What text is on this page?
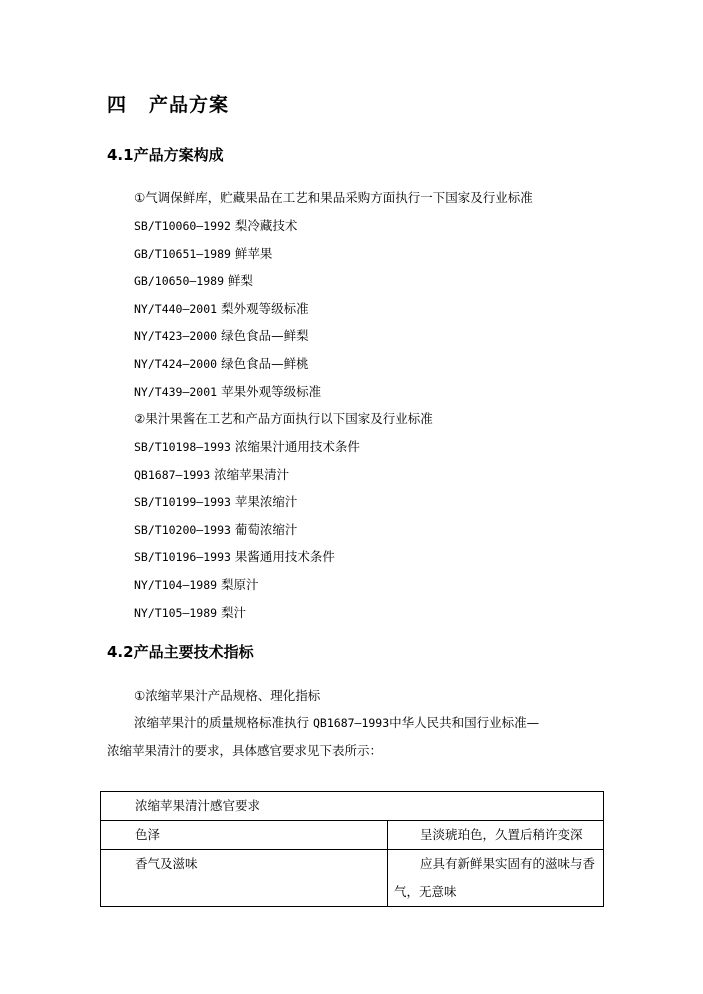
四 产品方案
4.1产品方案构成
①气调保鲜库，贮藏果品在工艺和果品采购方面执行一下国家及行业标准
SB/T10060—1992 梨冷藏技术
GB/T10651—1989 鲜苹果
GB/10650—1989 鲜梨
NY/T440—2001 梨外观等级标准
NY/T423—2000 绿色食品—鲜梨
NY/T424—2000 绿色食品—鲜桃
NY/T439—2001 苹果外观等级标准
②果汁果酱在工艺和产品方面执行以下国家及行业标准
SB/T10198—1993 浓缩果汁通用技术条件
QB1687—1993 浓缩苹果清汁
SB/T10199—1993 苹果浓缩汁
SB/T10200—1993 葡萄浓缩汁
SB/T10196—1993 果酱通用技术条件
NY/T104—1989 梨原汁
NY/T105—1989 梨汁
4.2产品主要技术指标
①浓缩苹果汁产品规格、理化指标
浓缩苹果汁的质量规格标准执行 QB1687—1993中华人民共和国行业标准—
浓缩苹果清汁的要求，具体感官要求见下表所示：
浓缩苹果清汁感官要求	
色泽	呈淡琥珀色，久置后稍许变深

香气及滋味	应具有新鲜果实固有的滋味与香
气，无意味
